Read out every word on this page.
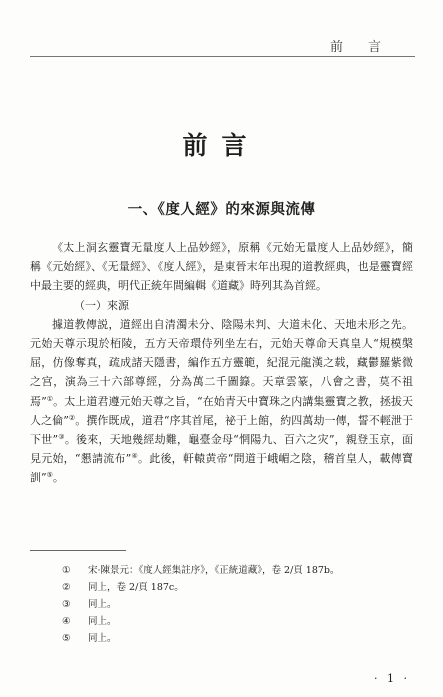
前　言
前言
一、《度人經》的來源與流傳

《太上洞玄靈寶无量度人上品妙經》，原稱《元始无量度人上品妙經》，簡稱《元始經》、《无量經》、《度人經》，是東晉末年出現的道教經典，也是靈寶經中最主要的經典，明代正統年間編輯《道藏》時列其為首經。

（一）來源

據道教傳説，道經出自清濁未分、陰陽未判、大道未化、天地未形之先。元始天尊示現於栢陵，五方天帝環侍列坐左右，元始天尊命天真皇人“規模槃屈，仿像奪真，疏成諸天隱書，編作五方靈範，紀混元龍漢之载，藏鬱羅紫微之宫，演為三十六部尊經，分為萬二千圖籙。天章雲篆，八會之書，莫不祖焉”①。太上道君遵元始天尊之旨，“在始青天中寶珠之内講集靈寶之教，拯拔天人之倫”②。撰作既成，道君“序其首尾，祕于上館，約四萬劫一傳，誓不輕泄于下世”③。後來，天地幾經劫難，龜臺金母“惘陽九、百六之灾”，親登玉京，面見元始，“懇請流布”④。此後，軒轅黄帝“問道于峨嵋之陰，稽首皇人，載傳寶訓”⑤。

①	宋·陳景元：《度人經集註序》，《正統道藏》，卷 2/頁 187b。
②	同上，卷 2/頁 187c。
③	同上。
④	同上。
⑤	同上。
· 1 ·
